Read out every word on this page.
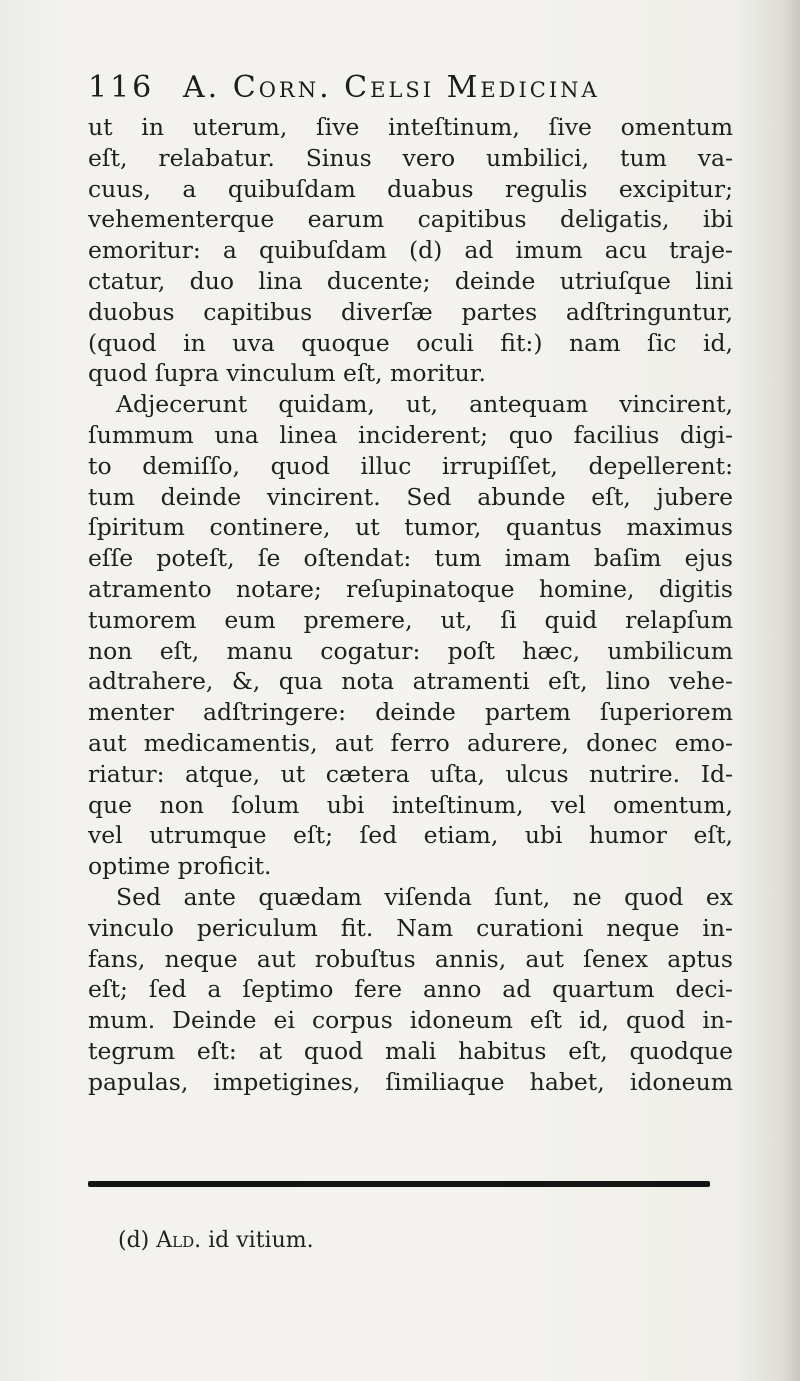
116 A. Corn. Celsi Medicina
ut in uterum, ſive inteſtinum, ſive omentum
eſt, relabatur. Sinus vero umbilici, tum va-
cuus, a quibuſdam duabus regulis excipitur;
vehementerque earum capitibus deligatis, ibi
emoritur: a quibuſdam (d) ad imum acu traje-
ctatur, duo lina ducente; deinde utriuſque lini
duobus capitibus diverſæ partes adſtringuntur,
(quod in uva quoque oculi fit:) nam ſic id,
quod ſupra vinculum eſt, moritur.
Adjecerunt quidam, ut, antequam vincirent,
ſummum una linea inciderent; quo facilius digi-
to demiſſo, quod illuc irrupiſſet, depellerent:
tum deinde vincirent. Sed abunde eſt, jubere
ſpiritum continere, ut tumor, quantus maximus
eſſe poteſt, ſe oſtendat: tum imam baſim ejus
atramento notare; reſupinatoque homine, digitis
tumorem eum premere, ut, ſi quid relapſum
non eſt, manu cogatur: poſt hæc, umbilicum
adtrahere, &, qua nota atramenti eſt, lino vehe-
menter adſtringere: deinde partem ſuperiorem
aut medicamentis, aut ferro adurere, donec emo-
riatur: atque, ut cætera uſta, ulcus nutrire. Id-
que non ſolum ubi inteſtinum, vel omentum,
vel utrumque eſt; ſed etiam, ubi humor eſt,
optime proficit.
Sed ante quædam viſenda ſunt, ne quod ex
vinculo periculum fit. Nam curationi neque in-
fans, neque aut robuſtus annis, aut ſenex aptus
eſt; ſed a ſeptimo fere anno ad quartum deci-
mum. Deinde ei corpus idoneum eſt id, quod in-
tegrum eſt: at quod mali habitus eſt, quodque
papulas, impetigines, ſimiliaque habet, idoneum
(d) Ald. id vitium.
